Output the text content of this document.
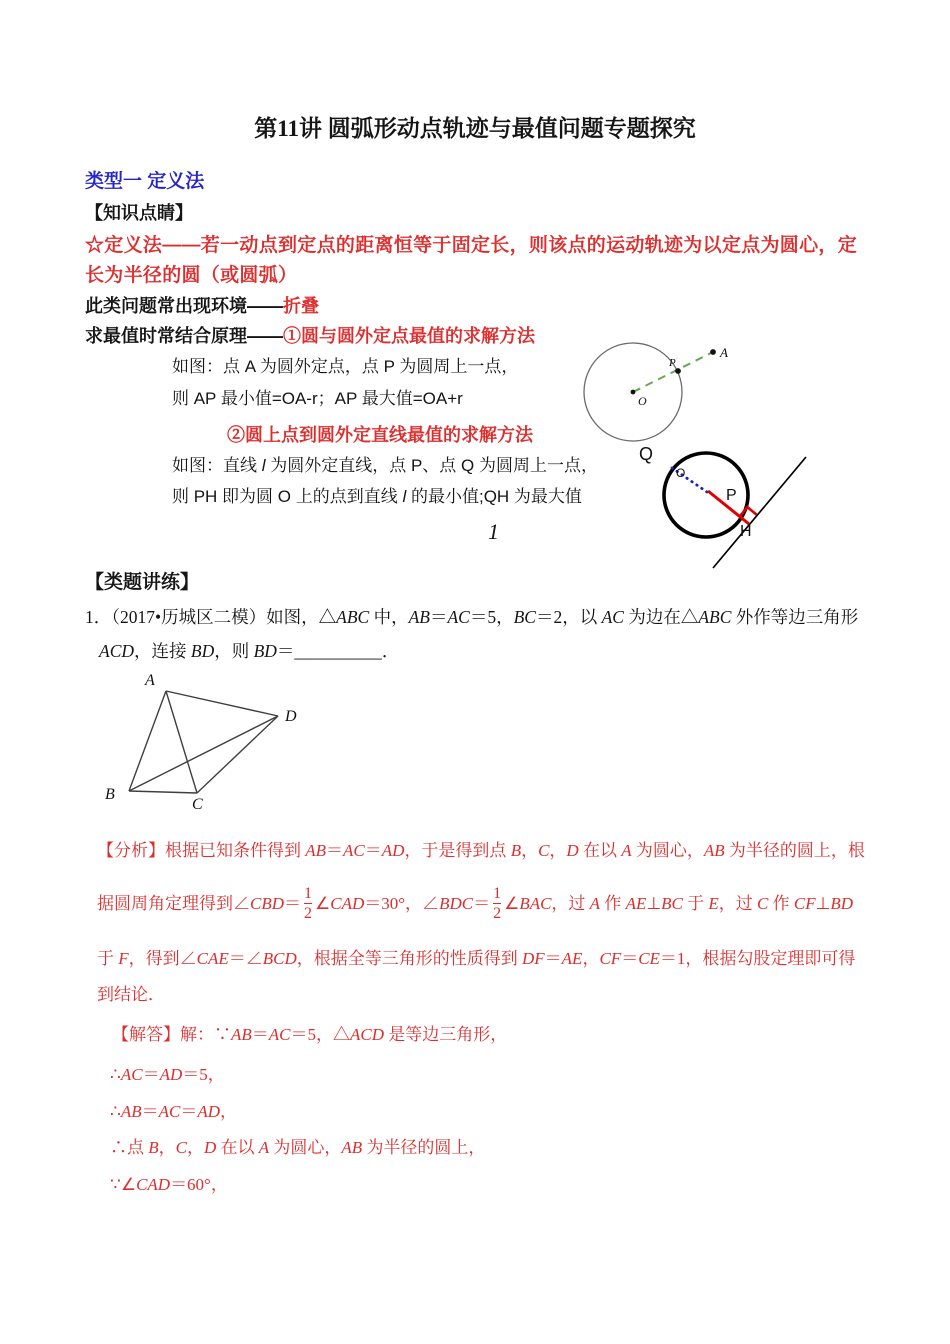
第11讲 圆弧形动点轨迹与最值问题专题探究
类型一 定义法
【知识点睛】
☆定义法——若一动点到定点的距离恒等于固定长，则该点的运动轨迹为以定点为圆心，定
长为半径的圆（或圆弧）
此类问题常出现环境——折叠
求最值时常结合原理——①圆与圆外定点最值的求解方法
如图：点 A 为圆外定点，点 P 为圆周上一点，
则 AP 最小值=OA-r；AP 最大值=OA+r
②圆上点到圆外定直线最值的求解方法
如图：直线 l 为圆外定直线，点 P、点 Q 为圆周上一点，
则 PH 即为圆 O 上的点到直线 l 的最小值;QH 为最大值
O
P
A
Q
O
P
H
1
【类题讲练】
1．（2017•历城区二模）如图，△ABC 中，AB＝AC＝5，BC＝2，以 AC 为边在△ABC 外作等边三角形
ACD，连接 BD，则 BD＝__________．
A
B
C
D
【分析】根据已知条件得到 AB＝AC＝AD，于是得到点 B，C，D 在以 A 为圆心，AB 为半径的圆上，根
据圆周角定理得到∠CBD＝ $\frac{1}{2}$ ∠CAD＝30°，∠BDC＝ $\frac{1}{2}$ ∠BAC，过 A 作 AE⊥BC 于 E，过 C 作 CF⊥BD
于 F，得到∠CAE＝∠BCD，根据全等三角形的性质得到 DF＝AE，CF＝CE＝1，根据勾股定理即可得
到结论．
【解答】解：∵AB＝AC＝5，△ACD 是等边三角形，
∴AC＝AD＝5，
∴AB＝AC＝AD，
∴点 B，C，D 在以 A 为圆心，AB 为半径的圆上，
∵∠CAD＝60°，
